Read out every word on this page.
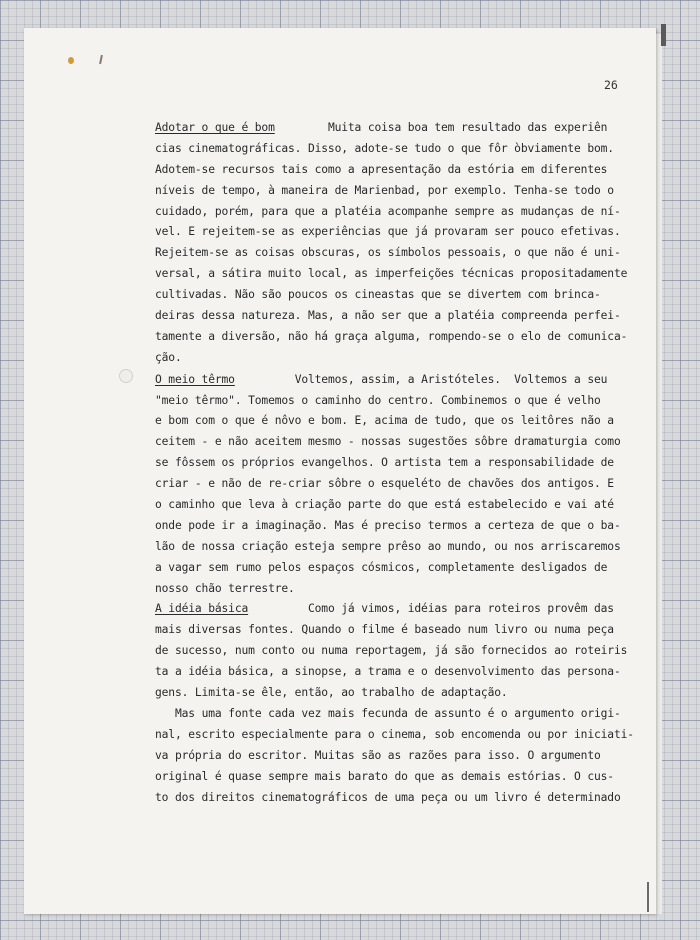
26
Adotar o que é bom        Muita coisa boa tem resultado das experiên
cias cinematográficas. Disso, adote-se tudo o que fôr òbviamente bom.
Adotem-se recursos tais como a apresentação da estória em diferentes
níveis de tempo, à maneira de Marienbad, por exemplo. Tenha-se todo o
cuidado, porém, para que a platéia acompanhe sempre as mudanças de ní-
vel. E rejeitem-se as experiências que já provaram ser pouco efetivas.
Rejeitem-se as coisas obscuras, os símbolos pessoais, o que não é uni-
versal, a sátira muito local, as imperfeições técnicas propositadamente
cultivadas. Não são poucos os cineastas que se divertem com brinca-
deiras dessa natureza. Mas, a não ser que a platéia compreenda perfei-
tamente a diversão, não há graça alguma, rompendo-se o elo de comunica-
ção.
O meio têrmo         Voltemos, assim, a Aristóteles.  Voltemos a seu
"meio têrmo". Tomemos o caminho do centro. Combinemos o que é velho
e bom com o que é nôvo e bom. E, acima de tudo, que os leitôres não a
ceitem - e não aceitem mesmo - nossas sugestões sôbre dramaturgia como
se fôssem os próprios evangelhos. O artista tem a responsabilidade de
criar - e não de re-criar sôbre o esqueléto de chavões dos antigos. E
o caminho que leva à criação parte do que está estabelecido e vai até
onde pode ir a imaginação. Mas é preciso termos a certeza de que o ba-
lão de nossa criação esteja sempre prêso ao mundo, ou nos arriscaremos
a vagar sem rumo pelos espaços cósmicos, completamente desligados de
nosso chão terrestre.
A idéia básica         Como já vimos, idéias para roteiros provêm das
mais diversas fontes. Quando o filme é baseado num livro ou numa peça
de sucesso, num conto ou numa reportagem, já são fornecidos ao roteiris
ta a idéia básica, a sinopse, a trama e o desenvolvimento das persona-
gens. Limita-se êle, então, ao trabalho de adaptação.
Mas uma fonte cada vez mais fecunda de assunto é o argumento origi-
nal, escrito especialmente para o cinema, sob encomenda ou por iniciati-
va própria do escritor. Muitas são as razões para isso. O argumento
original é quase sempre mais barato do que as demais estórias. O cus-
to dos direitos cinematográficos de uma peça ou um livro é determinado
